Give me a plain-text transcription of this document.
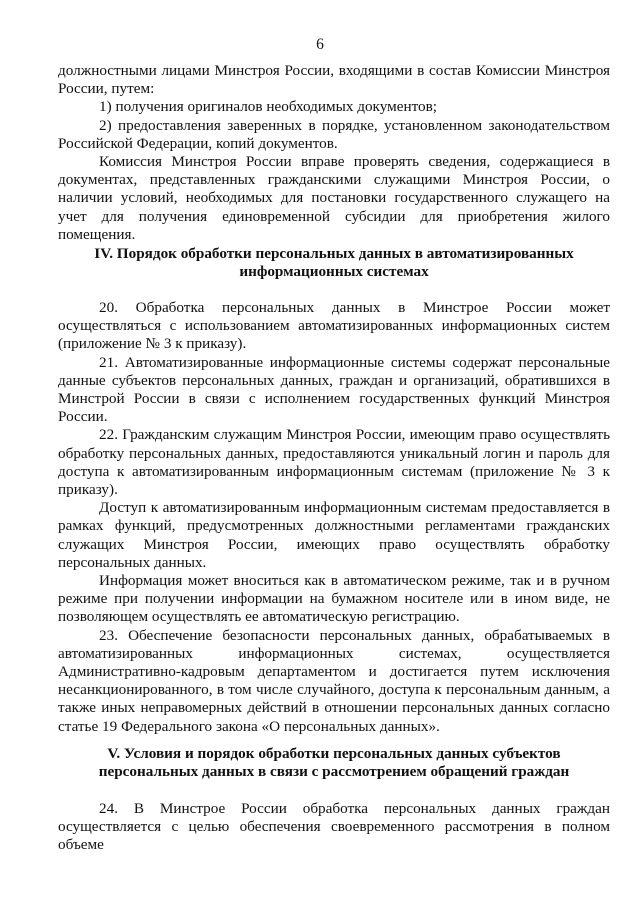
6

должностными лицами Минстроя России, входящими в состав Комиссии Минстроя России, путем:

1) получения оригиналов необходимых документов;

2) предоставления заверенных в порядке, установленном законодательством Российской Федерации, копий документов.

Комиссия Минстроя России вправе проверять сведения, содержащиеся в документах, представленных гражданскими служащими Минстроя России, о наличии условий, необходимых для постановки государственного служащего на учет для получения единовременной субсидии для приобретения жилого помещения.

IV. Порядок обработки персональных данных в автоматизированных
информационных системах

20. Обработка персональных данных в Минстрое России может осуществляться с использованием автоматизированных информационных систем (приложение № 3 к приказу).

21. Автоматизированные информационные системы содержат персональные данные субъектов персональных данных, граждан и организаций, обратившихся в Минстрой России в связи с исполнением государственных функций Минстроя России.

22. Гражданским служащим Минстроя России, имеющим право осуществлять обработку персональных данных, предоставляются уникальный логин и пароль для доступа к автоматизированным информационным системам (приложение № 3 к приказу).

Доступ к автоматизированным информационным системам предоставляется в рамках функций, предусмотренных должностными регламентами гражданских служащих Минстроя России, имеющих право осуществлять обработку персональных данных.

Информация может вноситься как в автоматическом режиме, так и в ручном режиме при получении информации на бумажном носителе или в ином виде, не позволяющем осуществлять ее автоматическую регистрацию.

23. Обеспечение безопасности персональных данных, обрабатываемых в автоматизированных информационных системах, осуществляется Административно-кадровым департаментом и достигается путем исключения несанкционированного, в том числе случайного, доступа к персональным данным, а также иных неправомерных действий в отношении персональных данных согласно статье 19 Федерального закона «О персональных данных».

V. Условия и порядок обработки персональных данных субъектов
персональных данных в связи с рассмотрением обращений граждан

24. В Минстрое России обработка персональных данных граждан осуществляется с целью обеспечения своевременного рассмотрения в полном объеме
